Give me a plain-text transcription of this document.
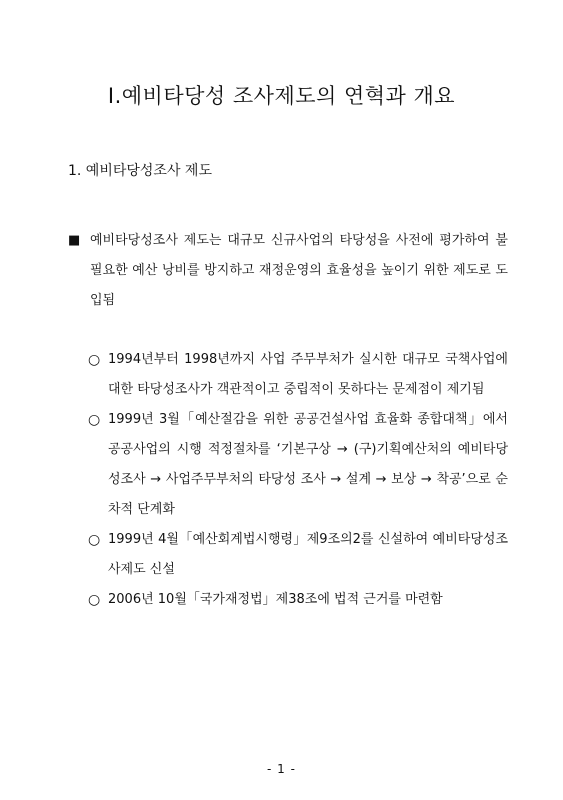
Ⅰ.예비타당성 조사제도의 연혁과 개요
1. 예비타당성조사 제도
■ 예비타당성조사 제도는 대규모 신규사업의 타당성을 사전에 평가하여 불필요한 예산 낭비를 방지하고 재정운영의 효율성을 높이기 위한 제도로 도입됨
○ 1994년부터 1998년까지 사업 주무부처가 실시한 대규모 국책사업에 대한 타당성조사가 객관적이고 중립적이 못하다는 문제점이 제기됨
○ 1999년 3월「예산절감을 위한 공공건설사업 효율화 종합대책」에서 공공사업의 시행 적정절차를 ‘기본구상 → (구)기획예산처의 예비타당성조사 → 사업주무부처의 타당성 조사 → 설계 → 보상 → 착공’으로 순차적 단계화
○ 1999년 4월「예산회계법시행령」제9조의2를 신설하여 예비타당성조사제도 신설
○ 2006년 10월「국가재정법」제38조에 법적 근거를 마련함
- 1 -
